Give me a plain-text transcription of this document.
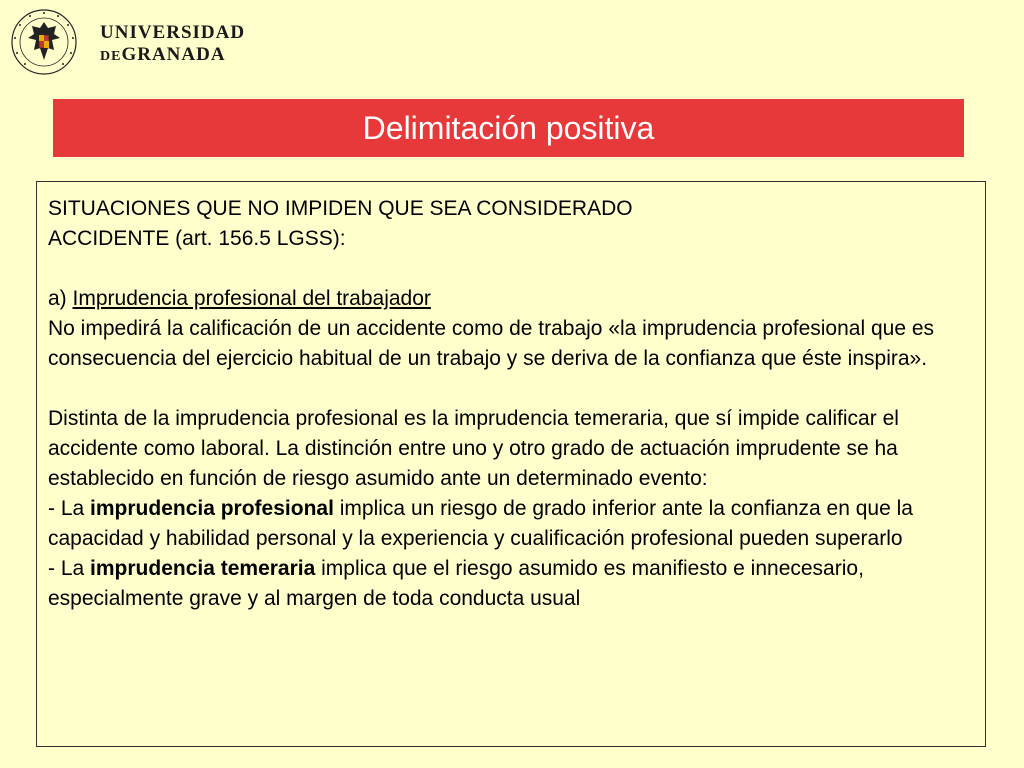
UNIVERSIDAD
DEGRANADA
Delimitación positiva

SITUACIONES QUE NO IMPIDEN QUE SEA CONSIDERADO

ACCIDENTE (art. 156.5 LGSS):

a) Imprudencia profesional del trabajador

No impedirá la calificación de un accidente como de trabajo «la imprudencia profesional que es consecuencia del ejercicio habitual de un trabajo y se deriva de la confianza que éste inspira».

Distinta de la imprudencia profesional es la imprudencia temeraria, que sí impide calificar el accidente como laboral. La distinción entre uno y otro grado de actuación imprudente se ha establecido en función de riesgo asumido ante un determinado evento:

- La imprudencia profesional implica un riesgo de grado inferior ante la confianza en que la capacidad y habilidad personal y la experiencia y cualificación profesional pueden superarlo

- La imprudencia temeraria implica que el riesgo asumido es manifiesto e innecesario, especialmente grave y al margen de toda conducta usual
